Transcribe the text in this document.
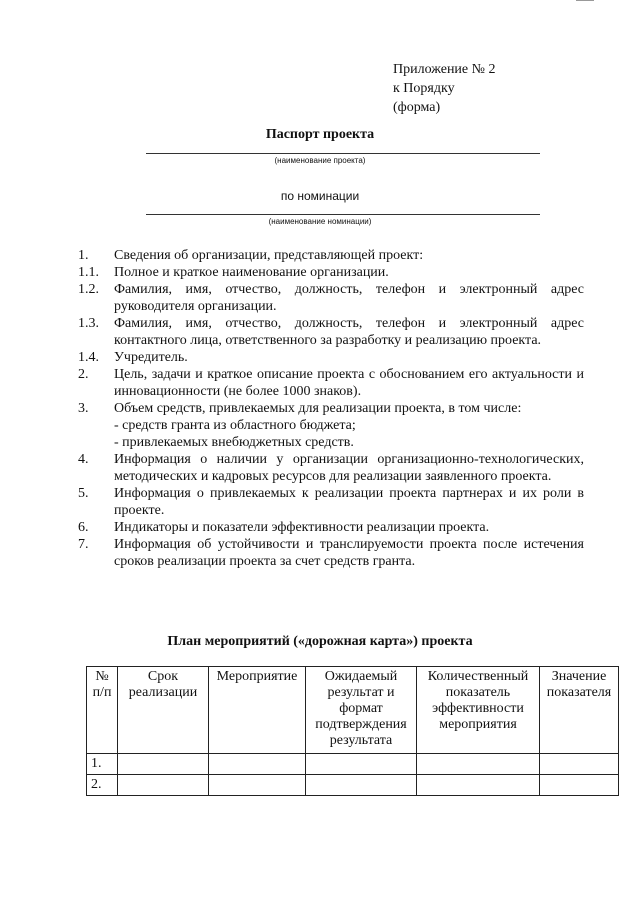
Приложение № 2
к Порядку
(форма)
Паспорт проекта
(наименование проекта)
по номинации
(наименование номинации)
1.	Сведения об организации, представляющей проект:
1.1.	Полное и краткое наименование организации.
1.2.	Фамилия, имя, отчество, должность, телефон и электронный адрес руководителя организации.
1.3.	Фамилия, имя, отчество, должность, телефон и электронный адрес контактного лица, ответственного за разработку и реализацию проекта.
1.4.	Учредитель.
2.	Цель, задачи и краткое описание проекта с обоснованием его актуальности и инновационности (не более 1000 знаков).
3.	Объем средств, привлекаемых для реализации проекта, в том числе:
- средств гранта из областного бюджета;
- привлекаемых внебюджетных средств.
4.	Информация о наличии у организации организационно-технологических, методических и кадровых ресурсов для реализации заявленного проекта.
5.	Информация о привлекаемых к реализации проекта партнерах и их роли в проекте.
6.	Индикаторы и показатели эффективности реализации проекта.
7.	Информация об устойчивости и транслируемости проекта после истечения сроков реализации проекта за счет средств гранта.
План мероприятий («дорожная карта») проекта
№ п/п	Срок реализации	Мероприятие	Ожидаемый результат и формат подтверждения результата	Количественный показатель эффективности мероприятия	Значение показателя
1.					
2.					
